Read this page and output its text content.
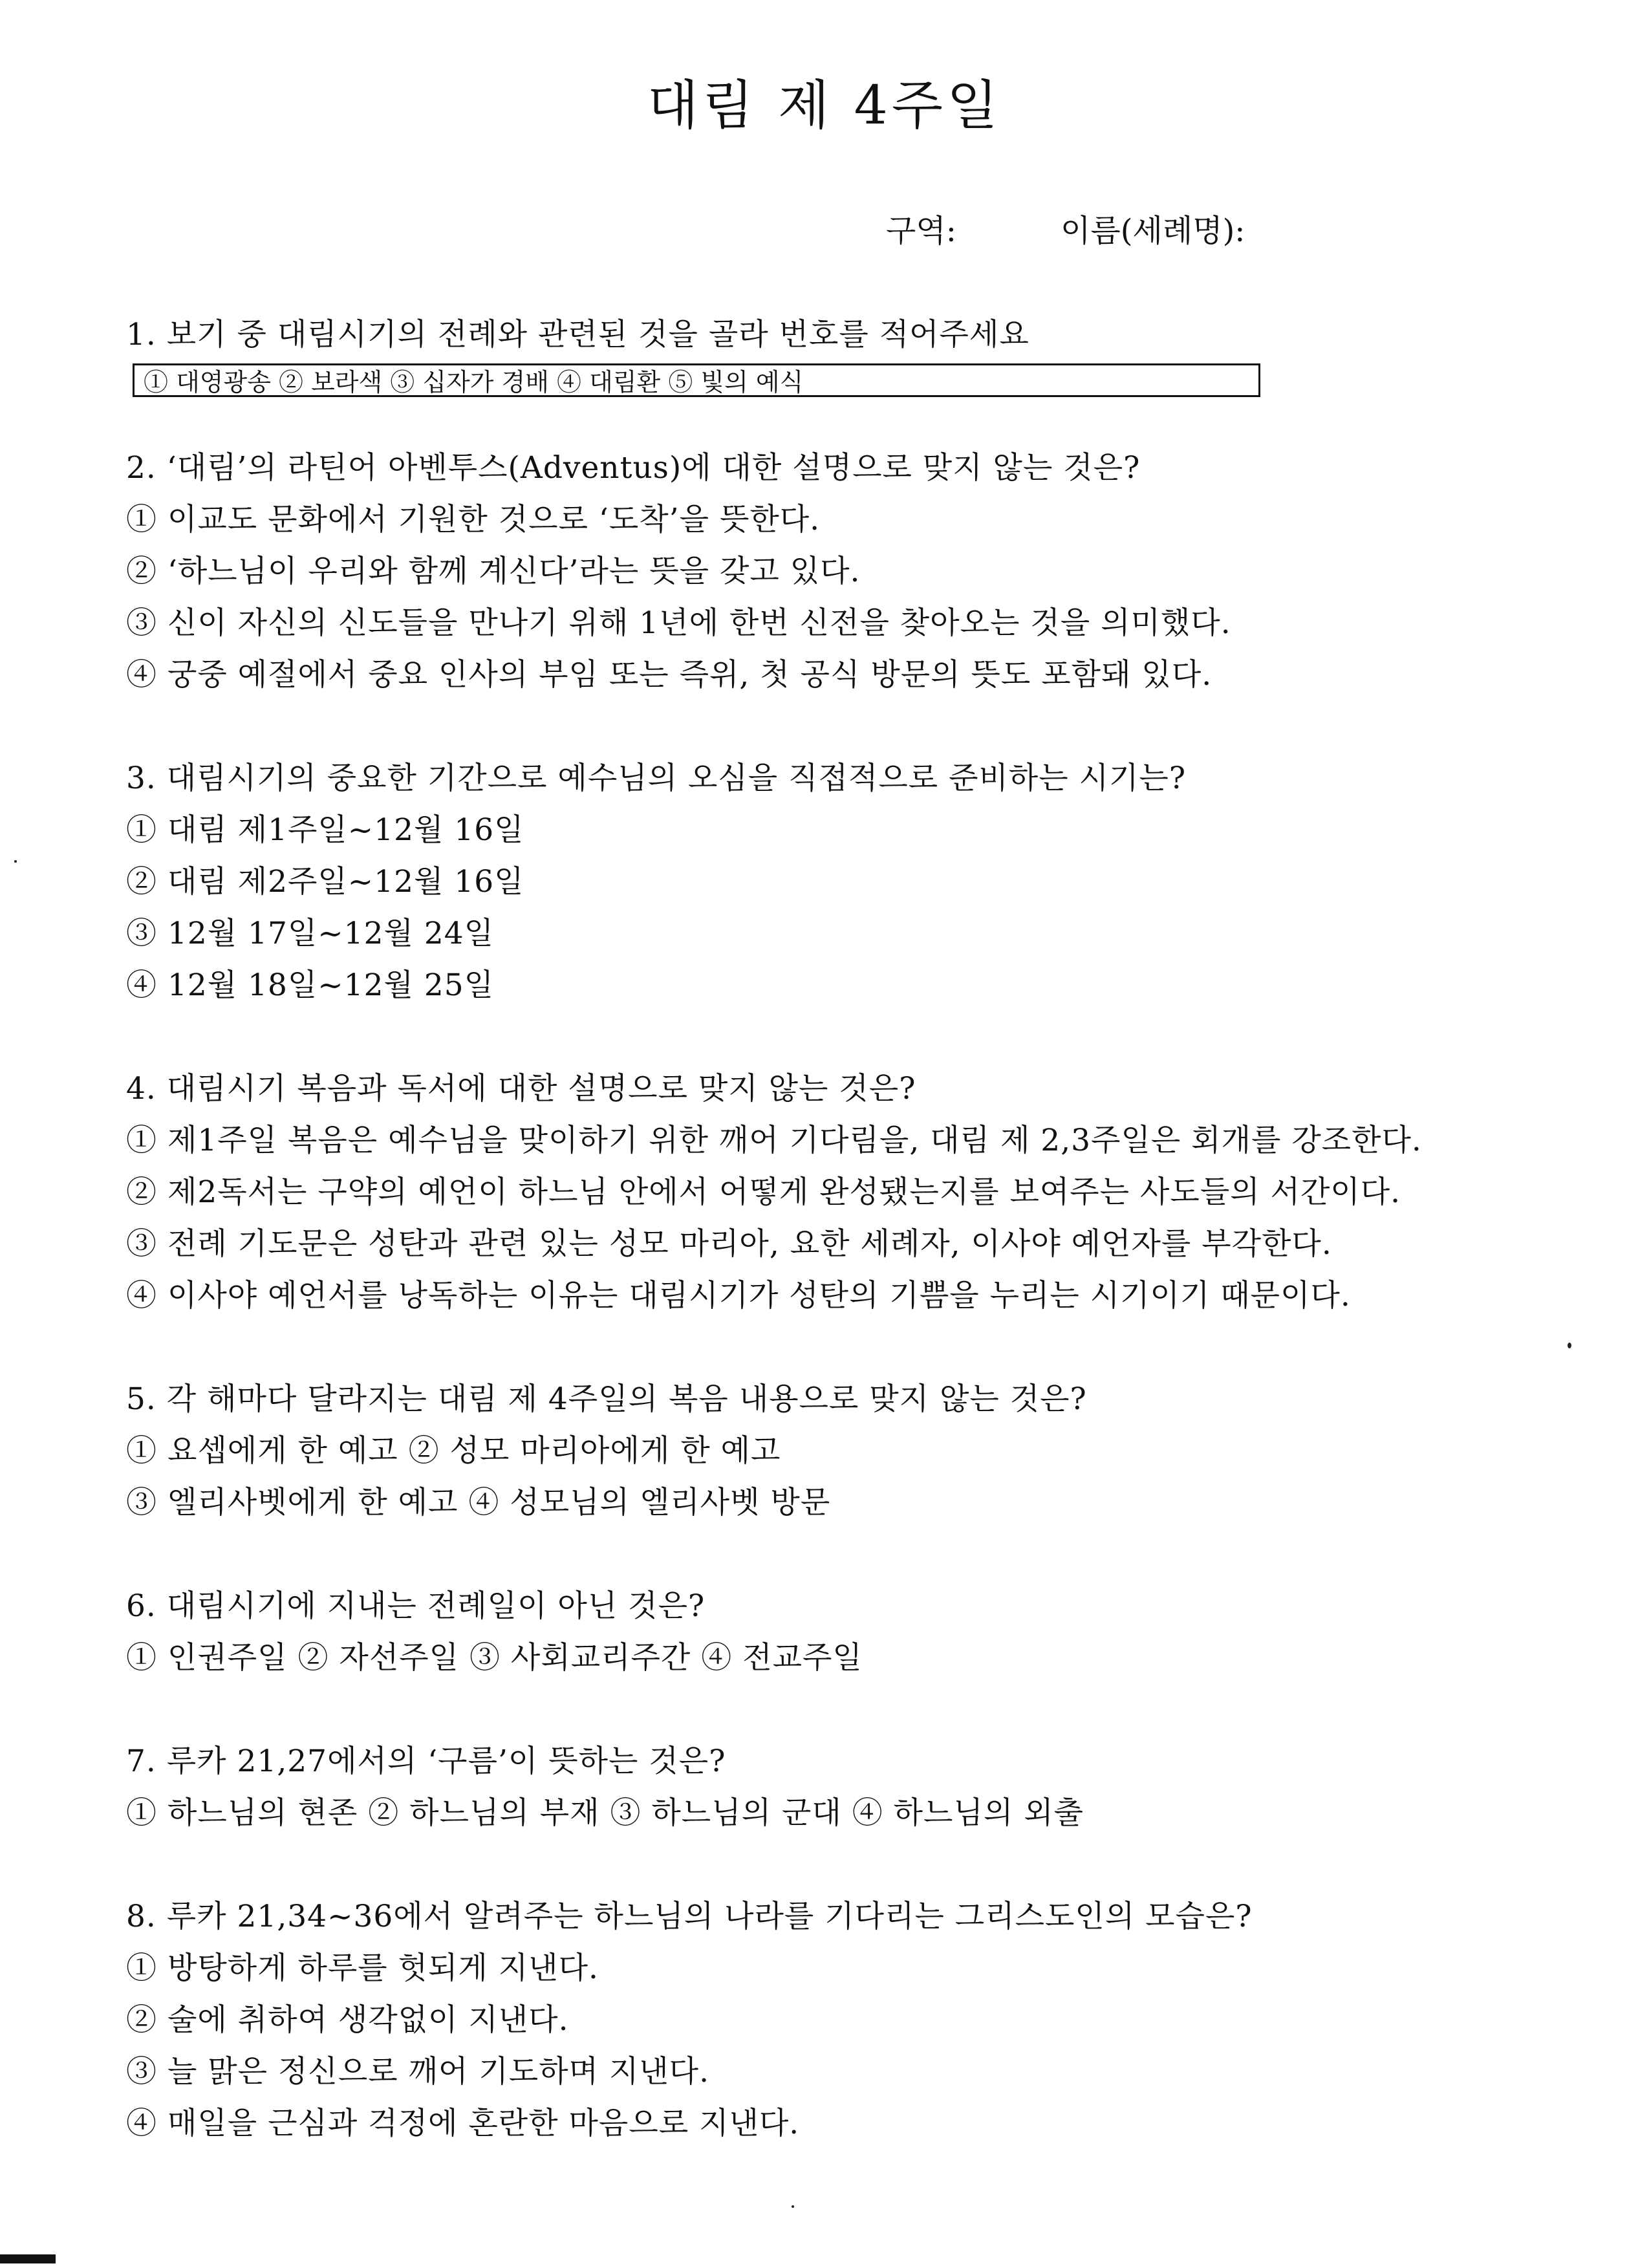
대림 제 4주일
구역:	이름(세례명):

1. 보기 중 대림시기의 전례와 관련된 것을 골라 번호를 적어주세요

① 대영광송 ② 보라색 ③ 십자가 경배 ④ 대림환 ⑤ 빛의 예식

2. ‘대림’의 라틴어 아벤투스(Adventus)에 대한 설명으로 맞지 않는 것은?

① 이교도 문화에서 기원한 것으로 ‘도착’을 뜻한다.

② ‘하느님이 우리와 함께 계신다’라는 뜻을 갖고 있다.

③ 신이 자신의 신도들을 만나기 위해 1년에 한번 신전을 찾아오는 것을 의미했다.

④ 궁중 예절에서 중요 인사의 부임 또는 즉위, 첫 공식 방문의 뜻도 포함돼 있다.

3. 대림시기의 중요한 기간으로 예수님의 오심을 직접적으로 준비하는 시기는?

① 대림 제1주일~12월 16일

② 대림 제2주일~12월 16일

③ 12월 17일~12월 24일

④ 12월 18일~12월 25일

4. 대림시기 복음과 독서에 대한 설명으로 맞지 않는 것은?

① 제1주일 복음은 예수님을 맞이하기 위한 깨어 기다림을, 대림 제 2,3주일은 회개를 강조한다.

② 제2독서는 구약의 예언이 하느님 안에서 어떻게 완성됐는지를 보여주는 사도들의 서간이다.

③ 전례 기도문은 성탄과 관련 있는 성모 마리아, 요한 세례자, 이사야 예언자를 부각한다.

④ 이사야 예언서를 낭독하는 이유는 대림시기가 성탄의 기쁨을 누리는 시기이기 때문이다.

5. 각 해마다 달라지는 대림 제 4주일의 복음 내용으로 맞지 않는 것은?

① 요셉에게 한 예고 ② 성모 마리아에게 한 예고

③ 엘리사벳에게 한 예고 ④ 성모님의 엘리사벳 방문

6. 대림시기에 지내는 전례일이 아닌 것은?

① 인권주일 ② 자선주일 ③ 사회교리주간 ④ 전교주일

7. 루카 21,27에서의 ‘구름’이 뜻하는 것은?

① 하느님의 현존 ② 하느님의 부재 ③ 하느님의 군대 ④ 하느님의 외출

8. 루카 21,34~36에서 알려주는 하느님의 나라를 기다리는 그리스도인의 모습은?

① 방탕하게 하루를 헛되게 지낸다.

② 술에 취하여 생각없이 지낸다.

③ 늘 맑은 정신으로 깨어 기도하며 지낸다.

④ 매일을 근심과 걱정에 혼란한 마음으로 지낸다.
